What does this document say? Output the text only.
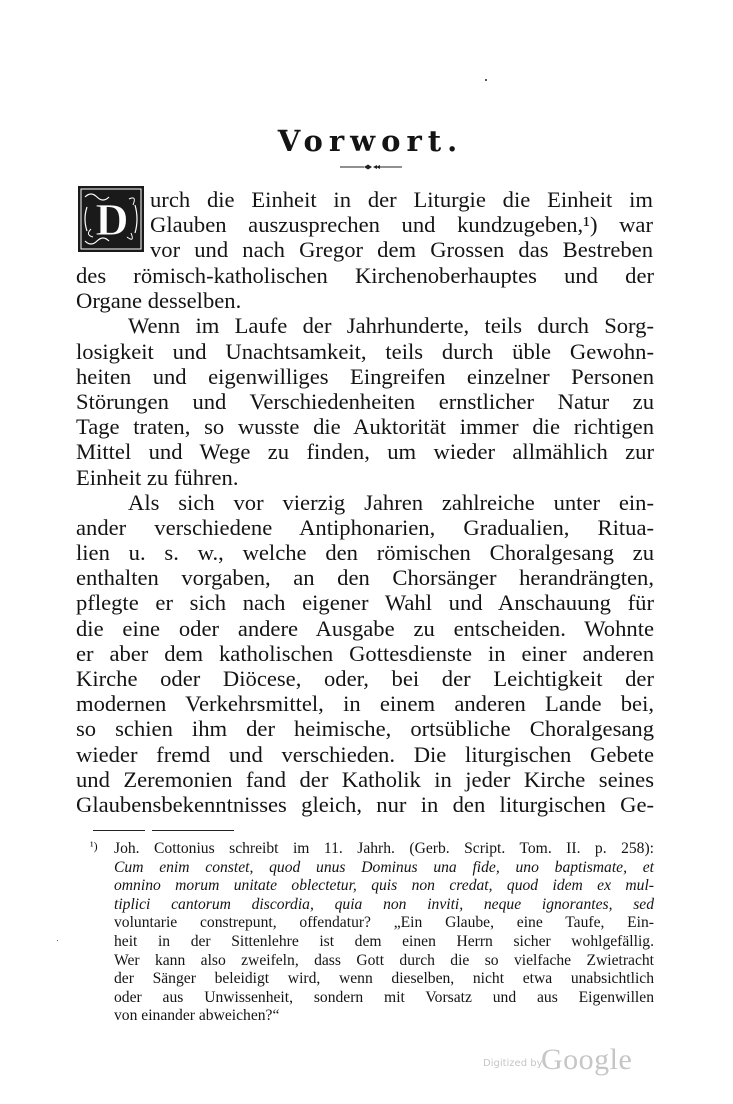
Vorwort.
D urch die Einheit in der Liturgie die Einheit im
Glauben auszusprechen und kundzugeben,¹) war
vor und nach Gregor dem Grossen das Bestreben
des römisch-katholischen Kirchenoberhauptes und der
Organe desselben.
Wenn im Laufe der Jahrhunderte, teils durch Sorg-
losigkeit und Unachtsamkeit, teils durch üble Gewohn-
heiten und eigenwilliges Eingreifen einzelner Personen
Störungen und Verschiedenheiten ernstlicher Natur zu
Tage traten, so wusste die Auktorität immer die richtigen
Mittel und Wege zu finden, um wieder allmählich zur
Einheit zu führen.
Als sich vor vierzig Jahren zahlreiche unter ein-
ander verschiedene Antiphonarien, Gradualien, Ritua-
lien u. s. w., welche den römischen Choralgesang zu
enthalten vorgaben, an den Chorsänger herandrängten,
pflegte er sich nach eigener Wahl und Anschauung für
die eine oder andere Ausgabe zu entscheiden. Wohnte
er aber dem katholischen Gottesdienste in einer anderen
Kirche oder Diöcese, oder, bei der Leichtigkeit der
modernen Verkehrsmittel, in einem anderen Lande bei,
so schien ihm der heimische, ortsübliche Choralgesang
wieder fremd und verschieden. Die liturgischen Gebete
und Zeremonien fand der Katholik in jeder Kirche seines
Glaubensbekenntnisses gleich, nur in den liturgischen Ge-
¹) Joh. Cottonius schreibt im 11. Jahrh. (Gerb. Script. Tom. II. p. 258):
Cum enim constet, quod unus Dominus una fide, uno baptismate, et
omnino morum unitate oblectetur, quis non credat, quod idem ex mul-
tiplici cantorum discordia, quia non inviti, neque ignorantes, sed
voluntarie constrepunt, offendatur? „Ein Glaube, eine Taufe, Ein-
heit in der Sittenlehre ist dem einen Herrn sicher wohlgefällig.
Wer kann also zweifeln, dass Gott durch die so vielfache Zwietracht
der Sänger beleidigt wird, wenn dieselben, nicht etwa unabsichtlich
oder aus Unwissenheit, sondern mit Vorsatz und aus Eigenwillen
von einander abweichen?“
Digitized by
Google
